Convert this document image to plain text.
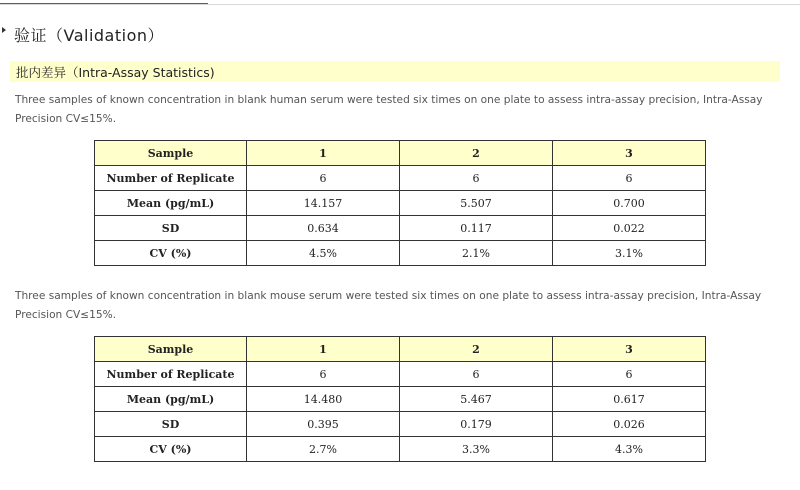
验证（Validation）
批内差异（Intra-Assay Statistics)
Three samples of known concentration in blank human serum were tested six times on one plate to assess intra-assay precision, Intra-Assay Precision CV≤15%.
Sample	1	2	3
Number of Replicate	6	6	6
Mean (pg/mL)	14.157	5.507	0.700
SD	0.634	0.117	0.022
CV (%)	4.5%	2.1%	3.1%
Three samples of known concentration in blank mouse serum were tested six times on one plate to assess intra-assay precision, Intra-Assay Precision CV≤15%.
Sample	1	2	3
Number of Replicate	6	6	6
Mean (pg/mL)	14.480	5.467	0.617
SD	0.395	0.179	0.026
CV (%)	2.7%	3.3%	4.3%
